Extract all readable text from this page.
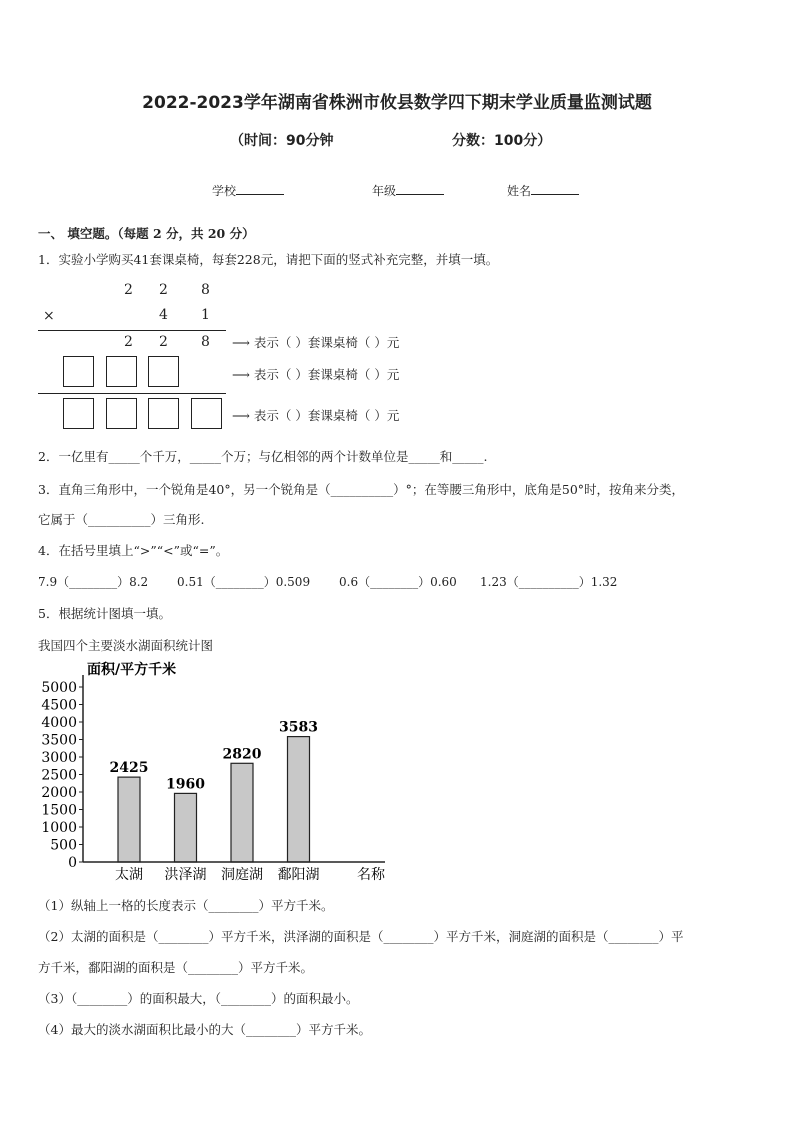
2022-2023学年湖南省株洲市攸县数学四下期末学业质量监测试题
（时间：90分钟	分数：100分）
学校	年级	姓名
一、 填空题。（每题 2 分，共 20 分）
1．实验小学购买41套课桌椅，每套228元，请把下面的竖式补充完整，并填一填。
2 2 8
×	4 1
2 2 8 ⟶ 表示（ ）套课桌椅（ ）元
⟶ 表示（ ）套课桌椅（ ）元
⟶ 表示（ ）套课桌椅（ ）元
2．一亿里有_____个千万，_____个万；与亿相邻的两个计数单位是_____和_____.
3．直角三角形中，一个锐角是40°，另一个锐角是（__________）°；在等腰三角形中，底角是50°时，按角来分类，
它属于（__________）三角形.
4．在括号里填上“>”“<”或“=”。
7.9（________）8.2 0.51（________）0.509 0.6（________）0.60 1.23（__________）1.32
5．根据统计图填一填。
我国四个主要淡水湖面积统计图
面积/平方千米
0
500
1000
1500
2000
2500
3000
3500
4000
4500
5000
2425
1960
2820
3583
太湖 洪泽湖 洞庭湖 鄱阳湖	名称
（1）纵轴上一格的长度表示（________）平方千米。
（2）太湖的面积是（________）平方千米，洪泽湖的面积是（________）平方千米，洞庭湖的面积是（________）平
方千米，鄱阳湖的面积是（________）平方千米。
（3）（________）的面积最大，（________）的面积最小。
（4）最大的淡水湖面积比最小的大（________）平方千米。
